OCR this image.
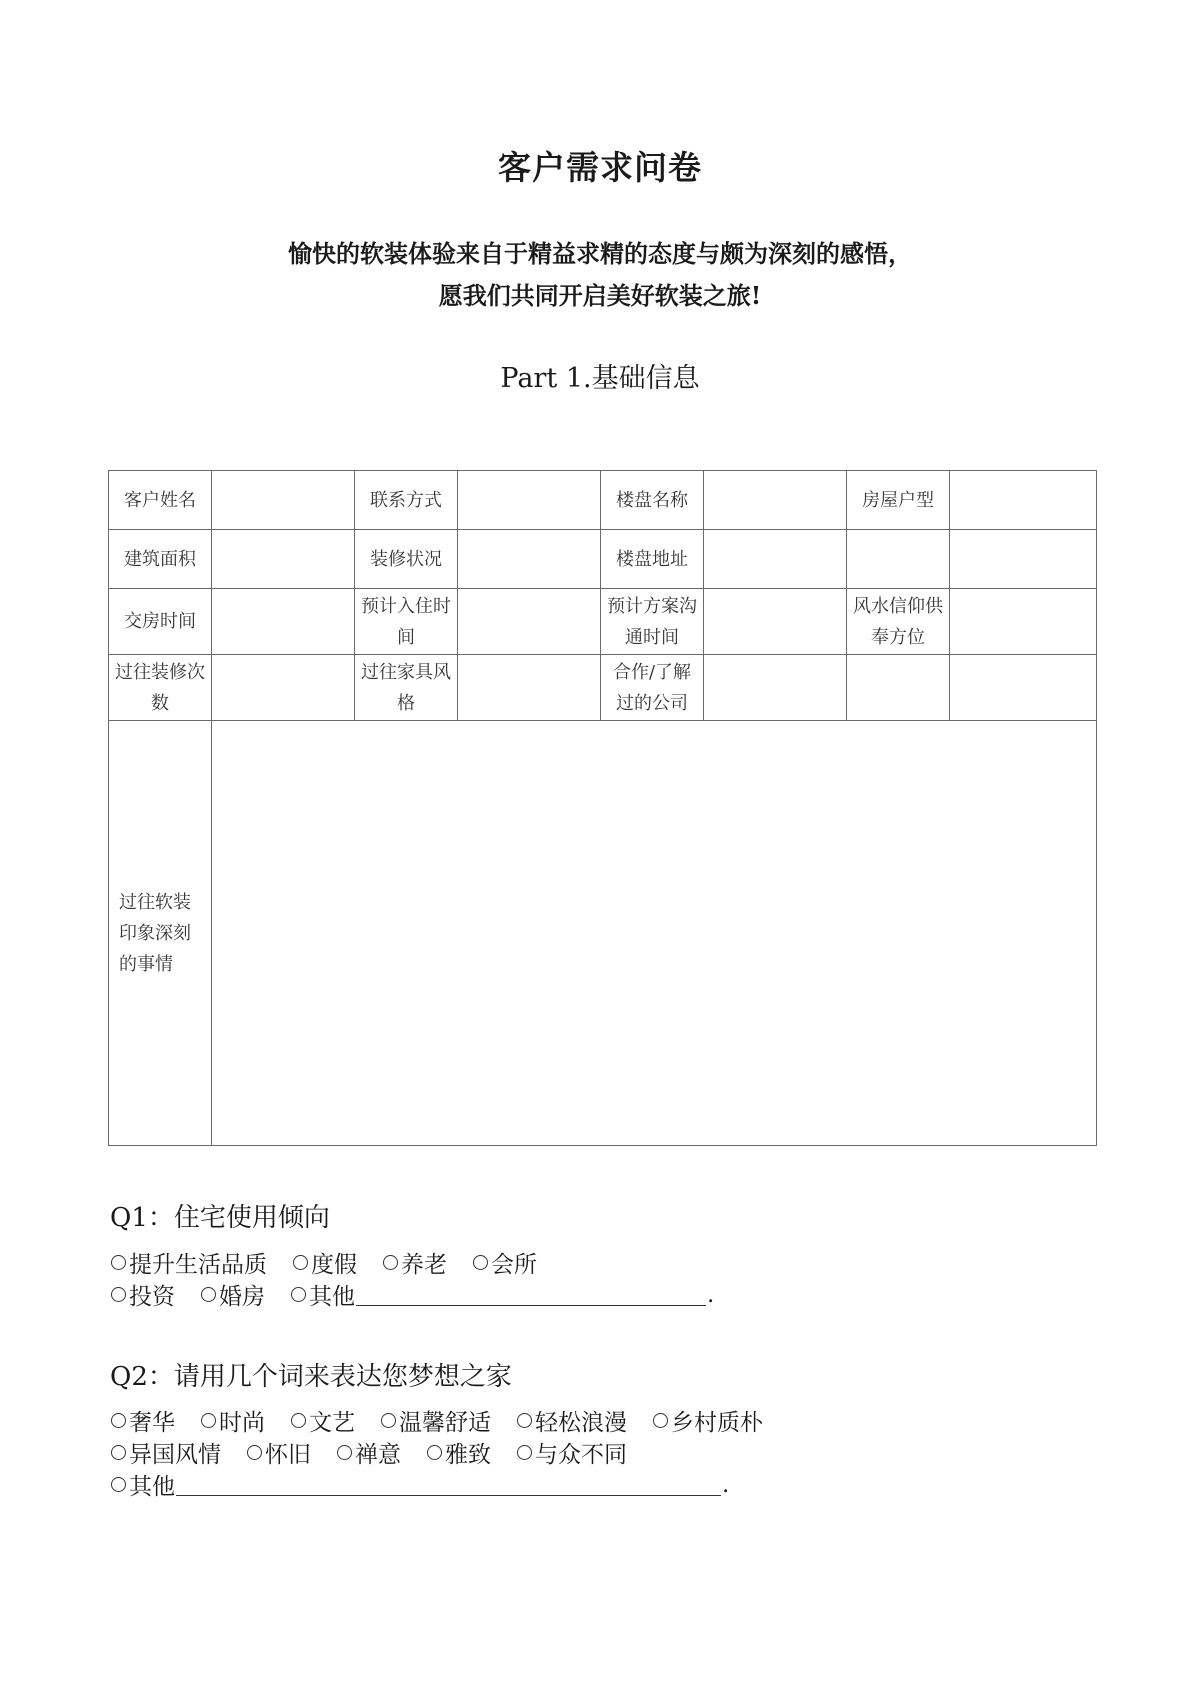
客户需求问卷
愉快的软装体验来自于精益求精的态度与颇为深刻的感悟，
愿我们共同开启美好软装之旅!
Part 1.基础信息
客户姓名		联系方式		楼盘名称		房屋户型	
建筑面积		装修状况		楼盘地址			
交房时间		预计入住时间		预计方案沟通时间		风水信仰供奉方位	
过往装修次数		过往家具风格		合作/了解过的公司			
过往软装印象深刻的事情							
Q1：住宅使用倾向
提升生活品质 度假 养老 会所
投资 婚房 其他	.
Q2：请用几个词来表达您梦想之家
奢华 时尚 文艺 温馨舒适 轻松浪漫 乡村质朴
异国风情 怀旧 禅意 雅致 与众不同
其他	.
